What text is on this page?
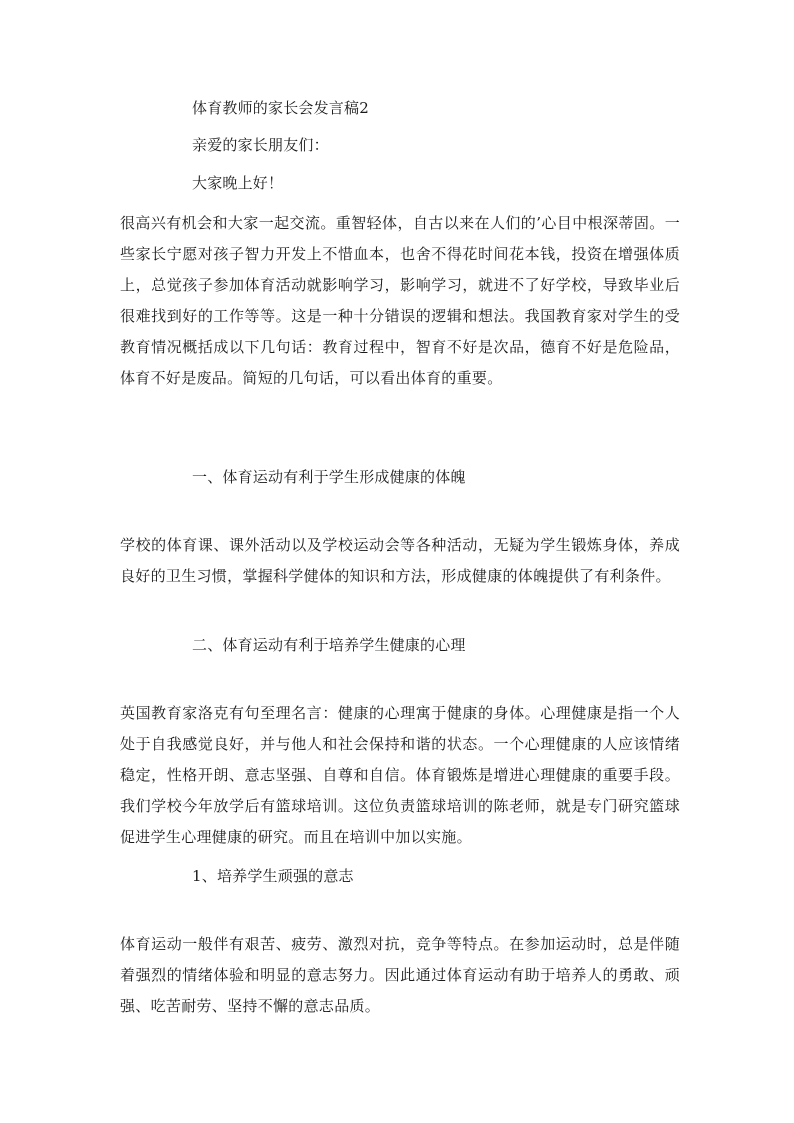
体育教师的家长会发言稿2
亲爱的家长朋友们：
大家晚上好！
很高兴有机会和大家一起交流。重智轻体，自古以来在人们的’心目中根深蒂固。一些家长宁愿对孩子智力开发上不惜血本，也舍不得花时间花本钱，投资在增强体质上，总觉孩子参加体育活动就影响学习，影响学习，就进不了好学校，导致毕业后很难找到好的工作等等。这是一种十分错误的逻辑和想法。我国教育家对学生的受教育情况概括成以下几句话：教育过程中，智育不好是次品，德育不好是危险品，体育不好是废品。简短的几句话，可以看出体育的重要。
一、体育运动有利于学生形成健康的体魄
学校的体育课、课外活动以及学校运动会等各种活动，无疑为学生锻炼身体，养成良好的卫生习惯，掌握科学健体的知识和方法，形成健康的体魄提供了有利条件。
二、体育运动有利于培养学生健康的心理
英国教育家洛克有句至理名言：健康的心理寓于健康的身体。心理健康是指一个人处于自我感觉良好，并与他人和社会保持和谐的状态。一个心理健康的人应该情绪稳定，性格开朗、意志坚强、自尊和自信。体育锻炼是增进心理健康的重要手段。我们学校今年放学后有篮球培训。这位负责篮球培训的陈老师，就是专门研究篮球促进学生心理健康的研究。而且在培训中加以实施。
1、培养学生顽强的意志
体育运动一般伴有艰苦、疲劳、激烈对抗，竞争等特点。在参加运动时，总是伴随着强烈的情绪体验和明显的意志努力。因此通过体育运动有助于培养人的勇敢、顽强、吃苦耐劳、坚持不懈的意志品质。
